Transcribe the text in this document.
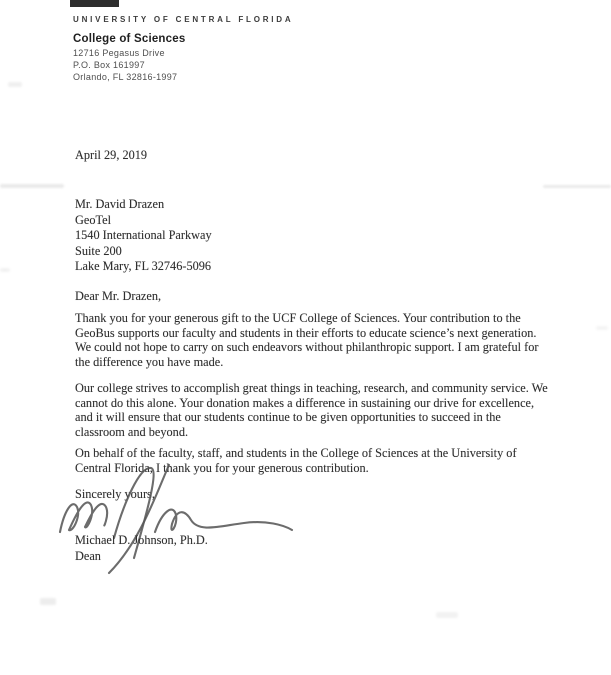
UNIVERSITY OF CENTRAL FLORIDA
College of Sciences
12716 Pegasus Drive
P.O. Box 161997
Orlando, FL 32816-1997
April 29, 2019
Mr. David Drazen
GeoTel
1540 International Parkway
Suite 200
Lake Mary, FL 32746-5096
Dear Mr. Drazen,

Thank you for your generous gift to the UCF College of Sciences. Your contribution to the GeoBus supports our faculty and students in their efforts to educate science’s next generation. We could not hope to carry on such endeavors without philanthropic support. I am grateful for the difference you have made.

Our college strives to accomplish great things in teaching, research, and community service. We cannot do this alone. Your donation makes a difference in sustaining our drive for excellence, and it will ensure that our students continue to be given opportunities to succeed in the classroom and beyond.

On behalf of the faculty, staff, and students in the College of Sciences at the University of Central Florida, I thank you for your generous contribution.

Sincerely yours,
Michael D. Johnson, Ph.D.
Dean
